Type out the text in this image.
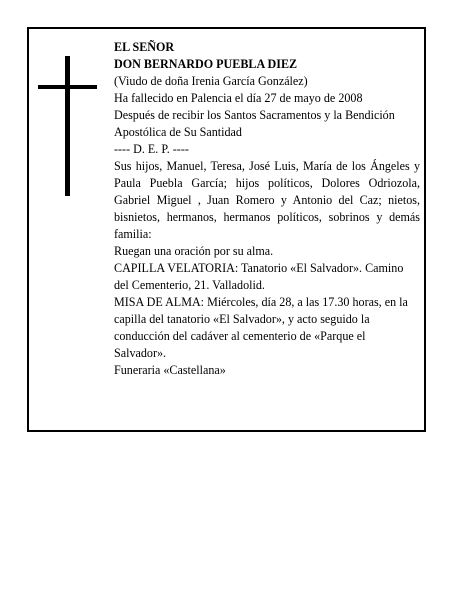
EL SEÑOR

DON BERNARDO PUEBLA DIEZ

(Viudo de doña Irenia García González)

Ha fallecido en Palencia el día 27 de mayo de 2008

Después de recibir los Santos Sacramentos y la Bendición Apostólica de Su Santidad

---- D. E. P. ----

Sus hijos, Manuel, Teresa, José Luis, María de los Ángeles y Paula Puebla García; hijos políticos, Dolores Odriozola, Gabriel Miguel , Juan Romero y Antonio del Caz; nietos, bisnietos, hermanos, hermanos políticos, sobrinos y demás familia:

Ruegan una oración por su alma.

CAPILLA VELATORIA: Tanatorio «El Salvador». Camino del Cementerio, 21. Valladolid.

MISA DE ALMA: Miércoles, día 28, a las 17.30 horas, en la capilla del tanatorio «El Salvador», y acto seguido la conducción del cadáver al cementerio de «Parque el Salvador».

Funeraria «Castellana»
